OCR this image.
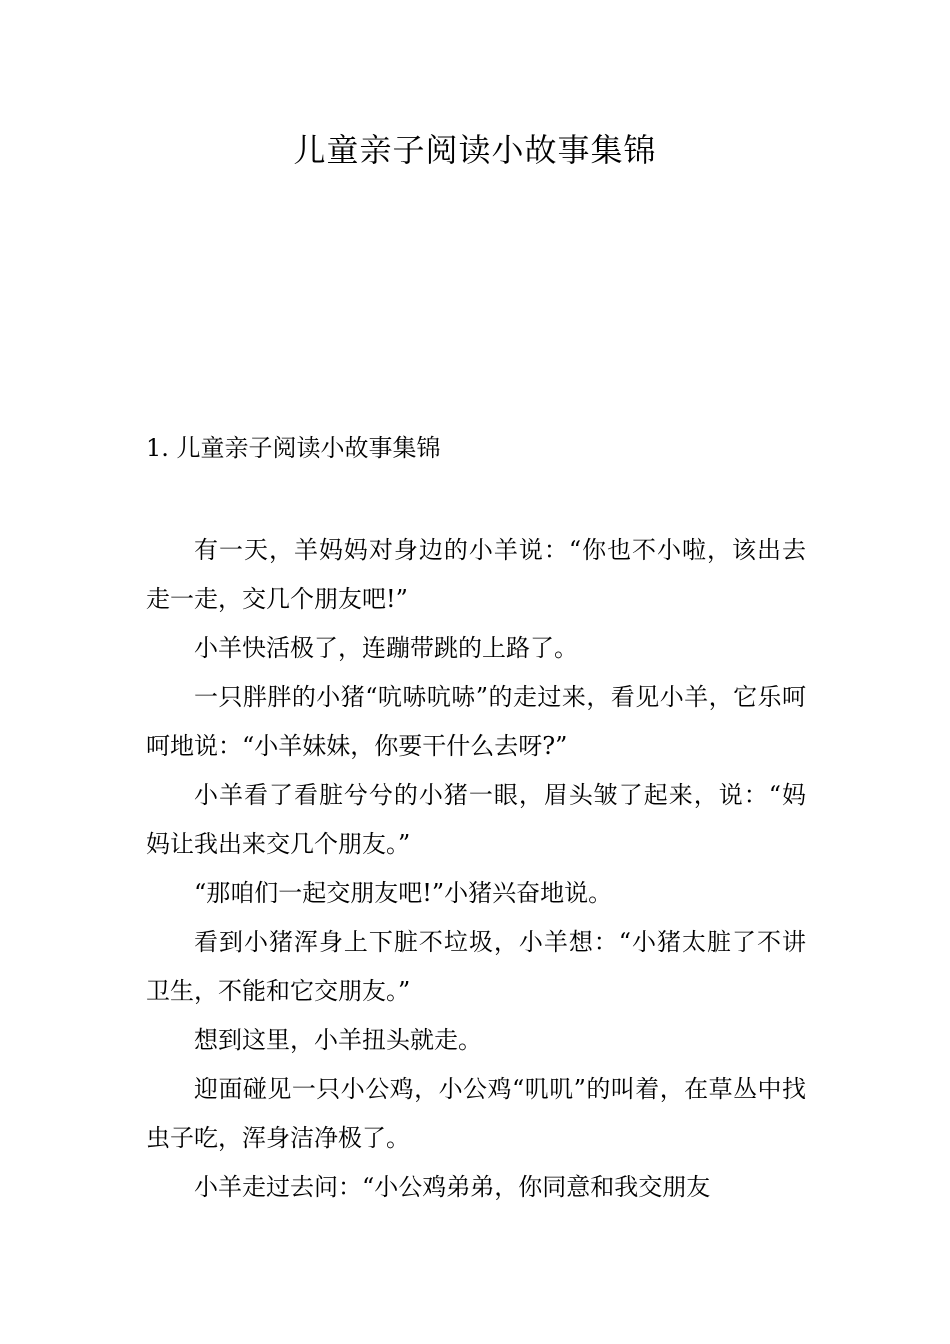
儿童亲子阅读小故事集锦
1. 儿童亲子阅读小故事集锦

有一天，羊妈妈对身边的小羊说：“你也不小啦，该出去走一走，交几个朋友吧!”

小羊快活极了，连蹦带跳的上路了。

一只胖胖的小猪“吭哧吭哧”的走过来，看见小羊，它乐呵呵地说：“小羊妹妹，你要干什么去呀?”

小羊看了看脏兮兮的小猪一眼，眉头皱了起来，说：“妈妈让我出来交几个朋友。”

“那咱们一起交朋友吧!”小猪兴奋地说。

看到小猪浑身上下脏不垃圾，小羊想：“小猪太脏了不讲卫生，不能和它交朋友。”

想到这里，小羊扭头就走。

迎面碰见一只小公鸡，小公鸡“叽叽”的叫着，在草丛中找虫子吃，浑身洁净极了。

小羊走过去问：“小公鸡弟弟，你同意和我交朋友
